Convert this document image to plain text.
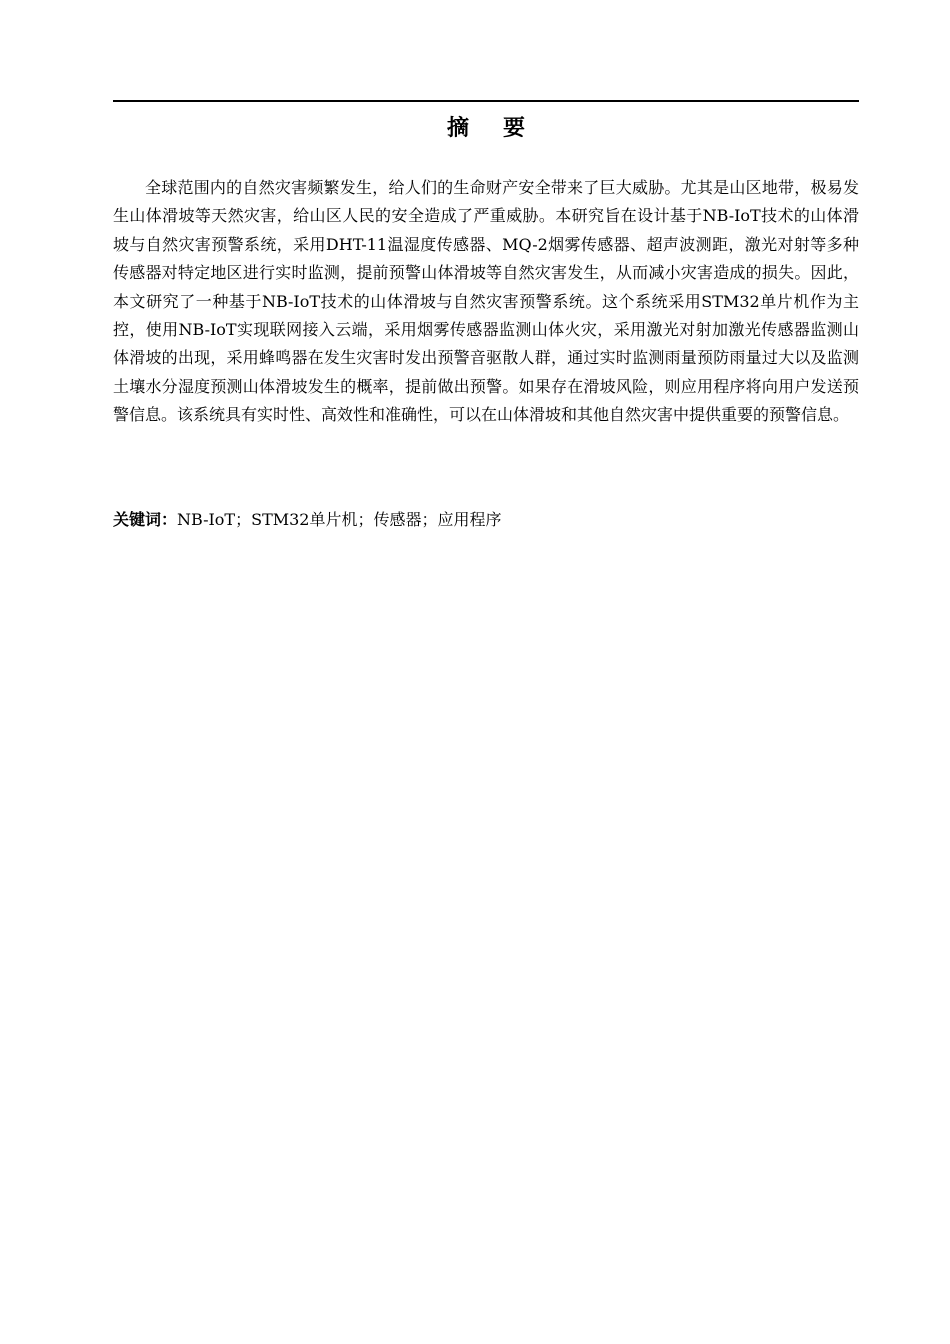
摘要

全球范围内的自然灾害频繁发生，给人们的生命财产安全带来了巨大威胁。尤其是山区地带，极易发生山体滑坡等天然灾害，给山区人民的安全造成了严重威胁。本研究旨在设计基于NB-IoT技术的山体滑坡与自然灾害预警系统，采用DHT-11温湿度传感器、MQ-2烟雾传感器、超声波测距，激光对射等多种传感器对特定地区进行实时监测，提前预警山体滑坡等自然灾害发生，从而减小灾害造成的损失。因此，本文研究了一种基于NB-IoT技术的山体滑坡与自然灾害预警系统。这个系统采用STM32单片机作为主控，使用NB-IoT实现联网接入云端，采用烟雾传感器监测山体火灾，采用激光对射加激光传感器监测山体滑坡的出现，采用蜂鸣器在发生灾害时发出预警音驱散人群，通过实时监测雨量预防雨量过大以及监测土壤水分湿度预测山体滑坡发生的概率，提前做出预警。如果存在滑坡风险，则应用程序将向用户发送预警信息。该系统具有实时性、高效性和准确性，可以在山体滑坡和其他自然灾害中提供重要的预警信息。

关键词：NB-IoT；STM32单片机；传感器；应用程序
